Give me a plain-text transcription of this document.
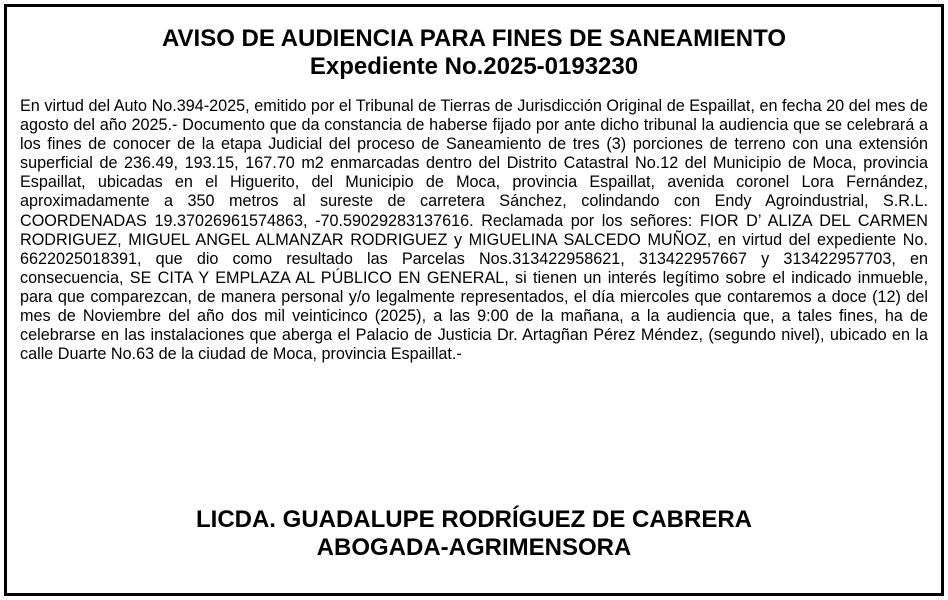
AVISO DE AUDIENCIA PARA FINES DE SANEAMIENTO
Expediente No.2025-0193230
En virtud del Auto No.394-2025, emitido por el Tribunal de Tierras de Jurisdicción Original de Espaillat, en fecha 20 del mes de agosto del año 2025.- Documento que da constancia de haberse fijado por ante dicho tribunal la audiencia que se celebrará a los fines de conocer de la etapa Judicial del proceso de Saneamiento de tres (3) porciones de terreno con una extensión superficial de 236.49, 193.15, 167.70 m2 enmarcadas dentro del Distrito Catastral No.12 del Municipio de Moca, provincia Espaillat, ubicadas en el Higuerito, del Municipio de Moca, provincia Espaillat, avenida coronel Lora Fernández, aproximadamente a 350 metros al sureste de carretera Sánchez, colindando con Endy Agroindustrial, S.R.L. COORDENADAS 19.37026961574863, -70.59029283137616. Reclamada por los señores: FIOR D’ ALIZA DEL CARMEN RODRIGUEZ, MIGUEL ANGEL ALMANZAR RODRIGUEZ y MIGUELINA SALCEDO MUÑOZ, en virtud del expediente No. 6622025018391, que dio como resultado las Parcelas Nos.313422958621, 313422957667 y 313422957703, en consecuencia, SE CITA Y EMPLAZA AL PÚBLICO EN GENERAL, si tienen un interés legítimo sobre el indicado inmueble, para que comparezcan, de manera personal y/o legalmente representados, el día miercoles que contaremos a doce (12) del mes de Noviembre del año dos mil veinticinco (2025), a las 9:00 de la mañana, a la audiencia que, a tales fines, ha de celebrarse en las instalaciones que aberga el Palacio de Justicia Dr. Artagñan Pérez Méndez, (segundo nivel), ubicado en la calle Duarte No.63 de la ciudad de Moca, provincia Espaillat.-
LICDA. GUADALUPE RODRÍGUEZ DE CABRERA
ABOGADA-AGRIMENSORA
